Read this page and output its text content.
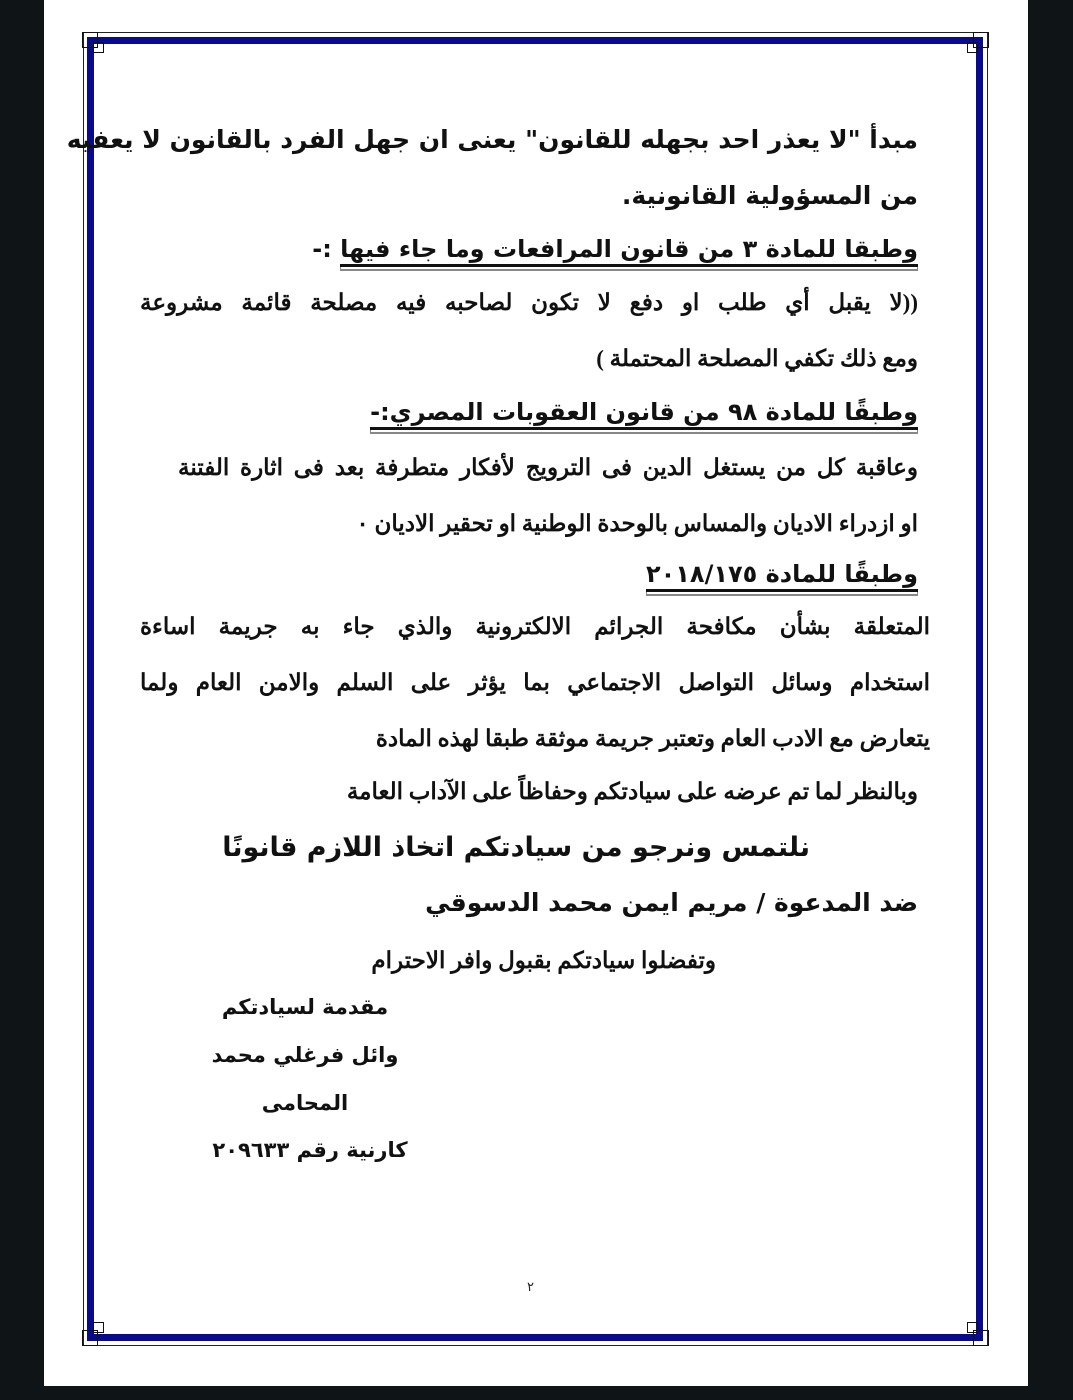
مبدأ "لا يعذر احد بجهله للقانون" يعنى ان جهل الفرد بالقانون لا يعفيه
من المسؤولية القانونية.
وطبقا للمادة ٣ من قانون المرافعات وما جاء فيها :-
((لا يقبل أي طلب او دفع لا تكون لصاحبه فيه مصلحة قائمة مشروعة
ومع ذلك تكفي المصلحة المحتملة )
وطبقًا للمادة ٩٨ من قانون العقوبات المصري:-
وعاقبة كل من يستغل الدين فى الترويج لأفكار متطرفة بعد فى اثارة الفتنة
او ازدراء الاديان والمساس بالوحدة الوطنية او تحقير الاديان ٠
وطبقًا للمادة ٢٠١٨/١٧٥
المتعلقة بشأن مكافحة الجرائم الالكترونية والذي جاء به جريمة اساءة
استخدام وسائل التواصل الاجتماعي بما يؤثر على السلم والامن العام ولما
يتعارض مع الادب العام وتعتبر جريمة موثقة طبقا لهذه المادة
وبالنظر لما تم عرضه على سيادتكم وحفاظاً على الآداب العامة
نلتمس ونرجو من سيادتكم اتخاذ اللازم قانونًا
ضد المدعوة / مريم ايمن محمد الدسوقي
وتفضلوا سيادتكم بقبول وافر الاحترام
مقدمة لسيادتكم
وائل فرغلي محمد
المحامى
كارنية رقم ٢٠٩٦٣٣
٢
